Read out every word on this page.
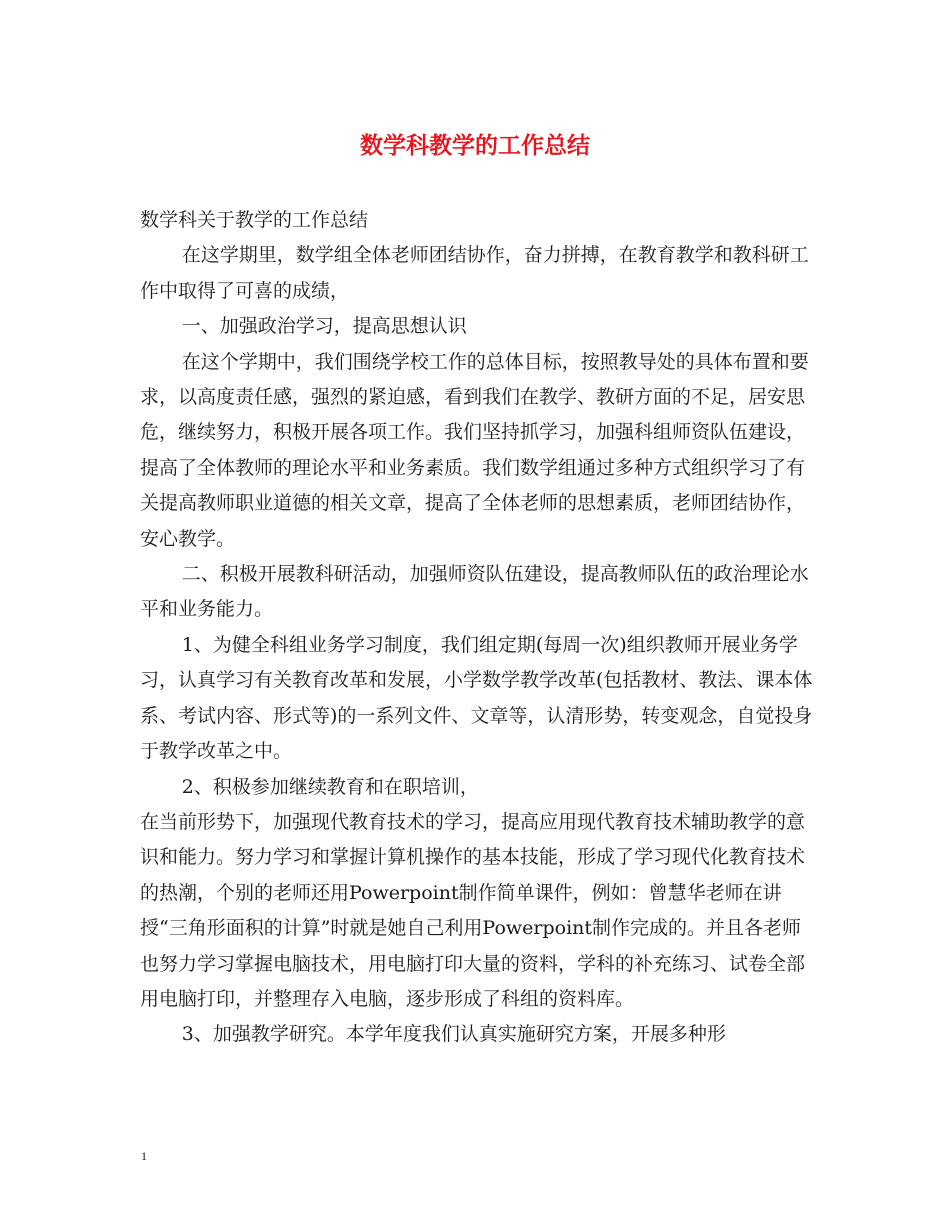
数学科教学的工作总结

数学科关于教学的工作总结

在这学期里，数学组全体老师团结协作，奋力拼搏，在教育教学和教科研工作中取得了可喜的成绩，

一、加强政治学习，提高思想认识

在这个学期中，我们围绕学校工作的总体目标，按照教导处的具体布置和要求，以高度责任感，强烈的紧迫感，看到我们在教学、教研方面的不足，居安思危，继续努力，积极开展各项工作。我们坚持抓学习，加强科组师资队伍建设，提高了全体教师的理论水平和业务素质。我们数学组通过多种方式组织学习了有关提高教师职业道德的相关文章，提高了全体老师的思想素质，老师团结协作，安心教学。

二、积极开展教科研活动，加强师资队伍建设，提高教师队伍的政治理论水平和业务能力。

1、为健全科组业务学习制度，我们组定期(每周一次)组织教师开展业务学习，认真学习有关教育改革和发展，小学数学教学改革(包括教材、教法、课本体系、考试内容、形式等)的一系列文件、文章等，认清形势，转变观念，自觉投身于教学改革之中。

2、积极参加继续教育和在职培训，

在当前形势下，加强现代教育技术的学习，提高应用现代教育技术辅助教学的意识和能力。努力学习和掌握计算机操作的基本技能，形成了学习现代化教育技术的热潮，个别的老师还用Powerpoint制作简单课件，例如：曾慧华老师在讲授“三角形面积的计算”时就是她自己利用Powerpoint制作完成的。并且各老师也努力学习掌握电脑技术，用电脑打印大量的资料，学科的补充练习、试卷全部用电脑打印，并整理存入电脑，逐步形成了科组的资料库。

3、加强教学研究。本学年度我们认真实施研究方案，开展多种形

1
